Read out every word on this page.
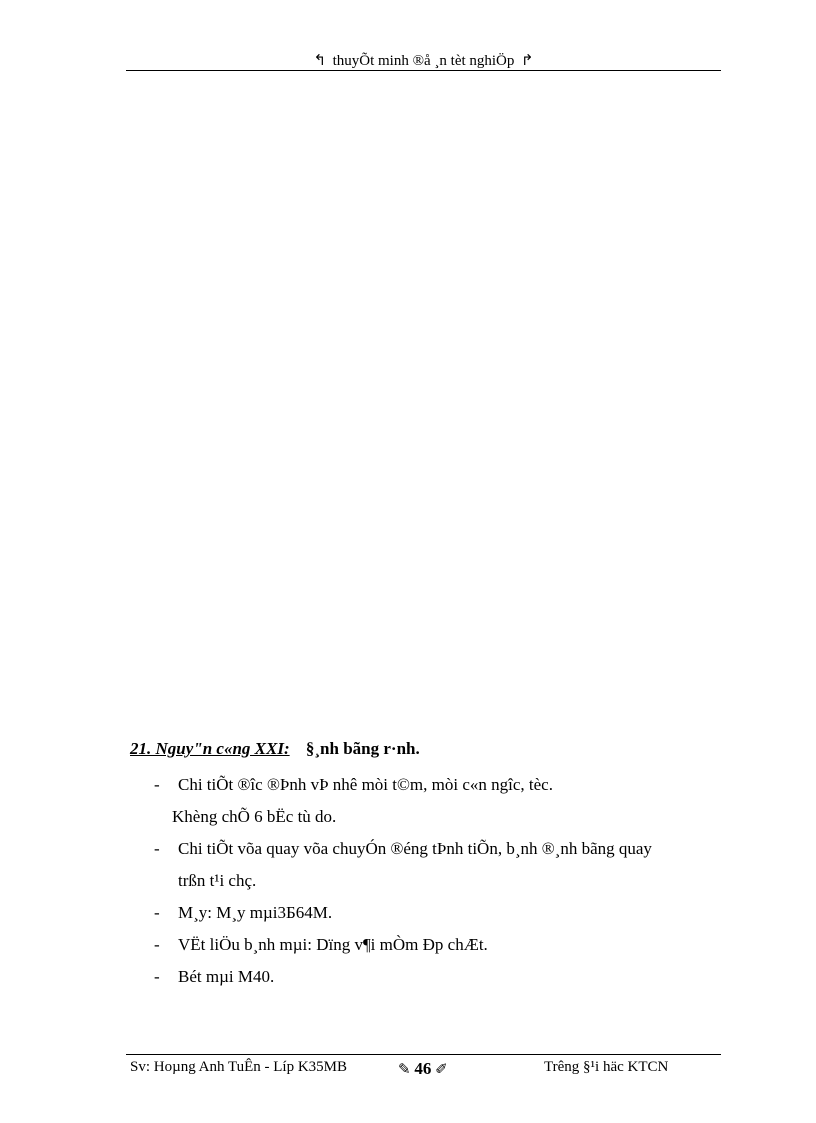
↰ thuyÕt minh ®å ¸n tèt nghiÖp ↱
21. Nguy"n c«ng XXI: §¸nh bãng r·nh.
- Chi tiÕt ®îc ®Þnh vÞ nhê mòi t©m, mòi c«n ngîc, tèc.
Khèng chÕ 6 bËc tù do.
- Chi tiÕt võa quay võa chuyÓn ®éng tÞnh tiÕn, b¸nh ®¸nh bãng quay
trßn t¹i chç.
- M¸y: M¸y mµi3Б64M.
- VËt liÖu b¸nh mµi: Dïng v¶i mÒm Ðp chÆt.
- Bét mµi M40.
Sv: Hoµng Anh TuÊn - Líp K35MB	✎ 46 ✐	Trêng §¹i häc KTCN
